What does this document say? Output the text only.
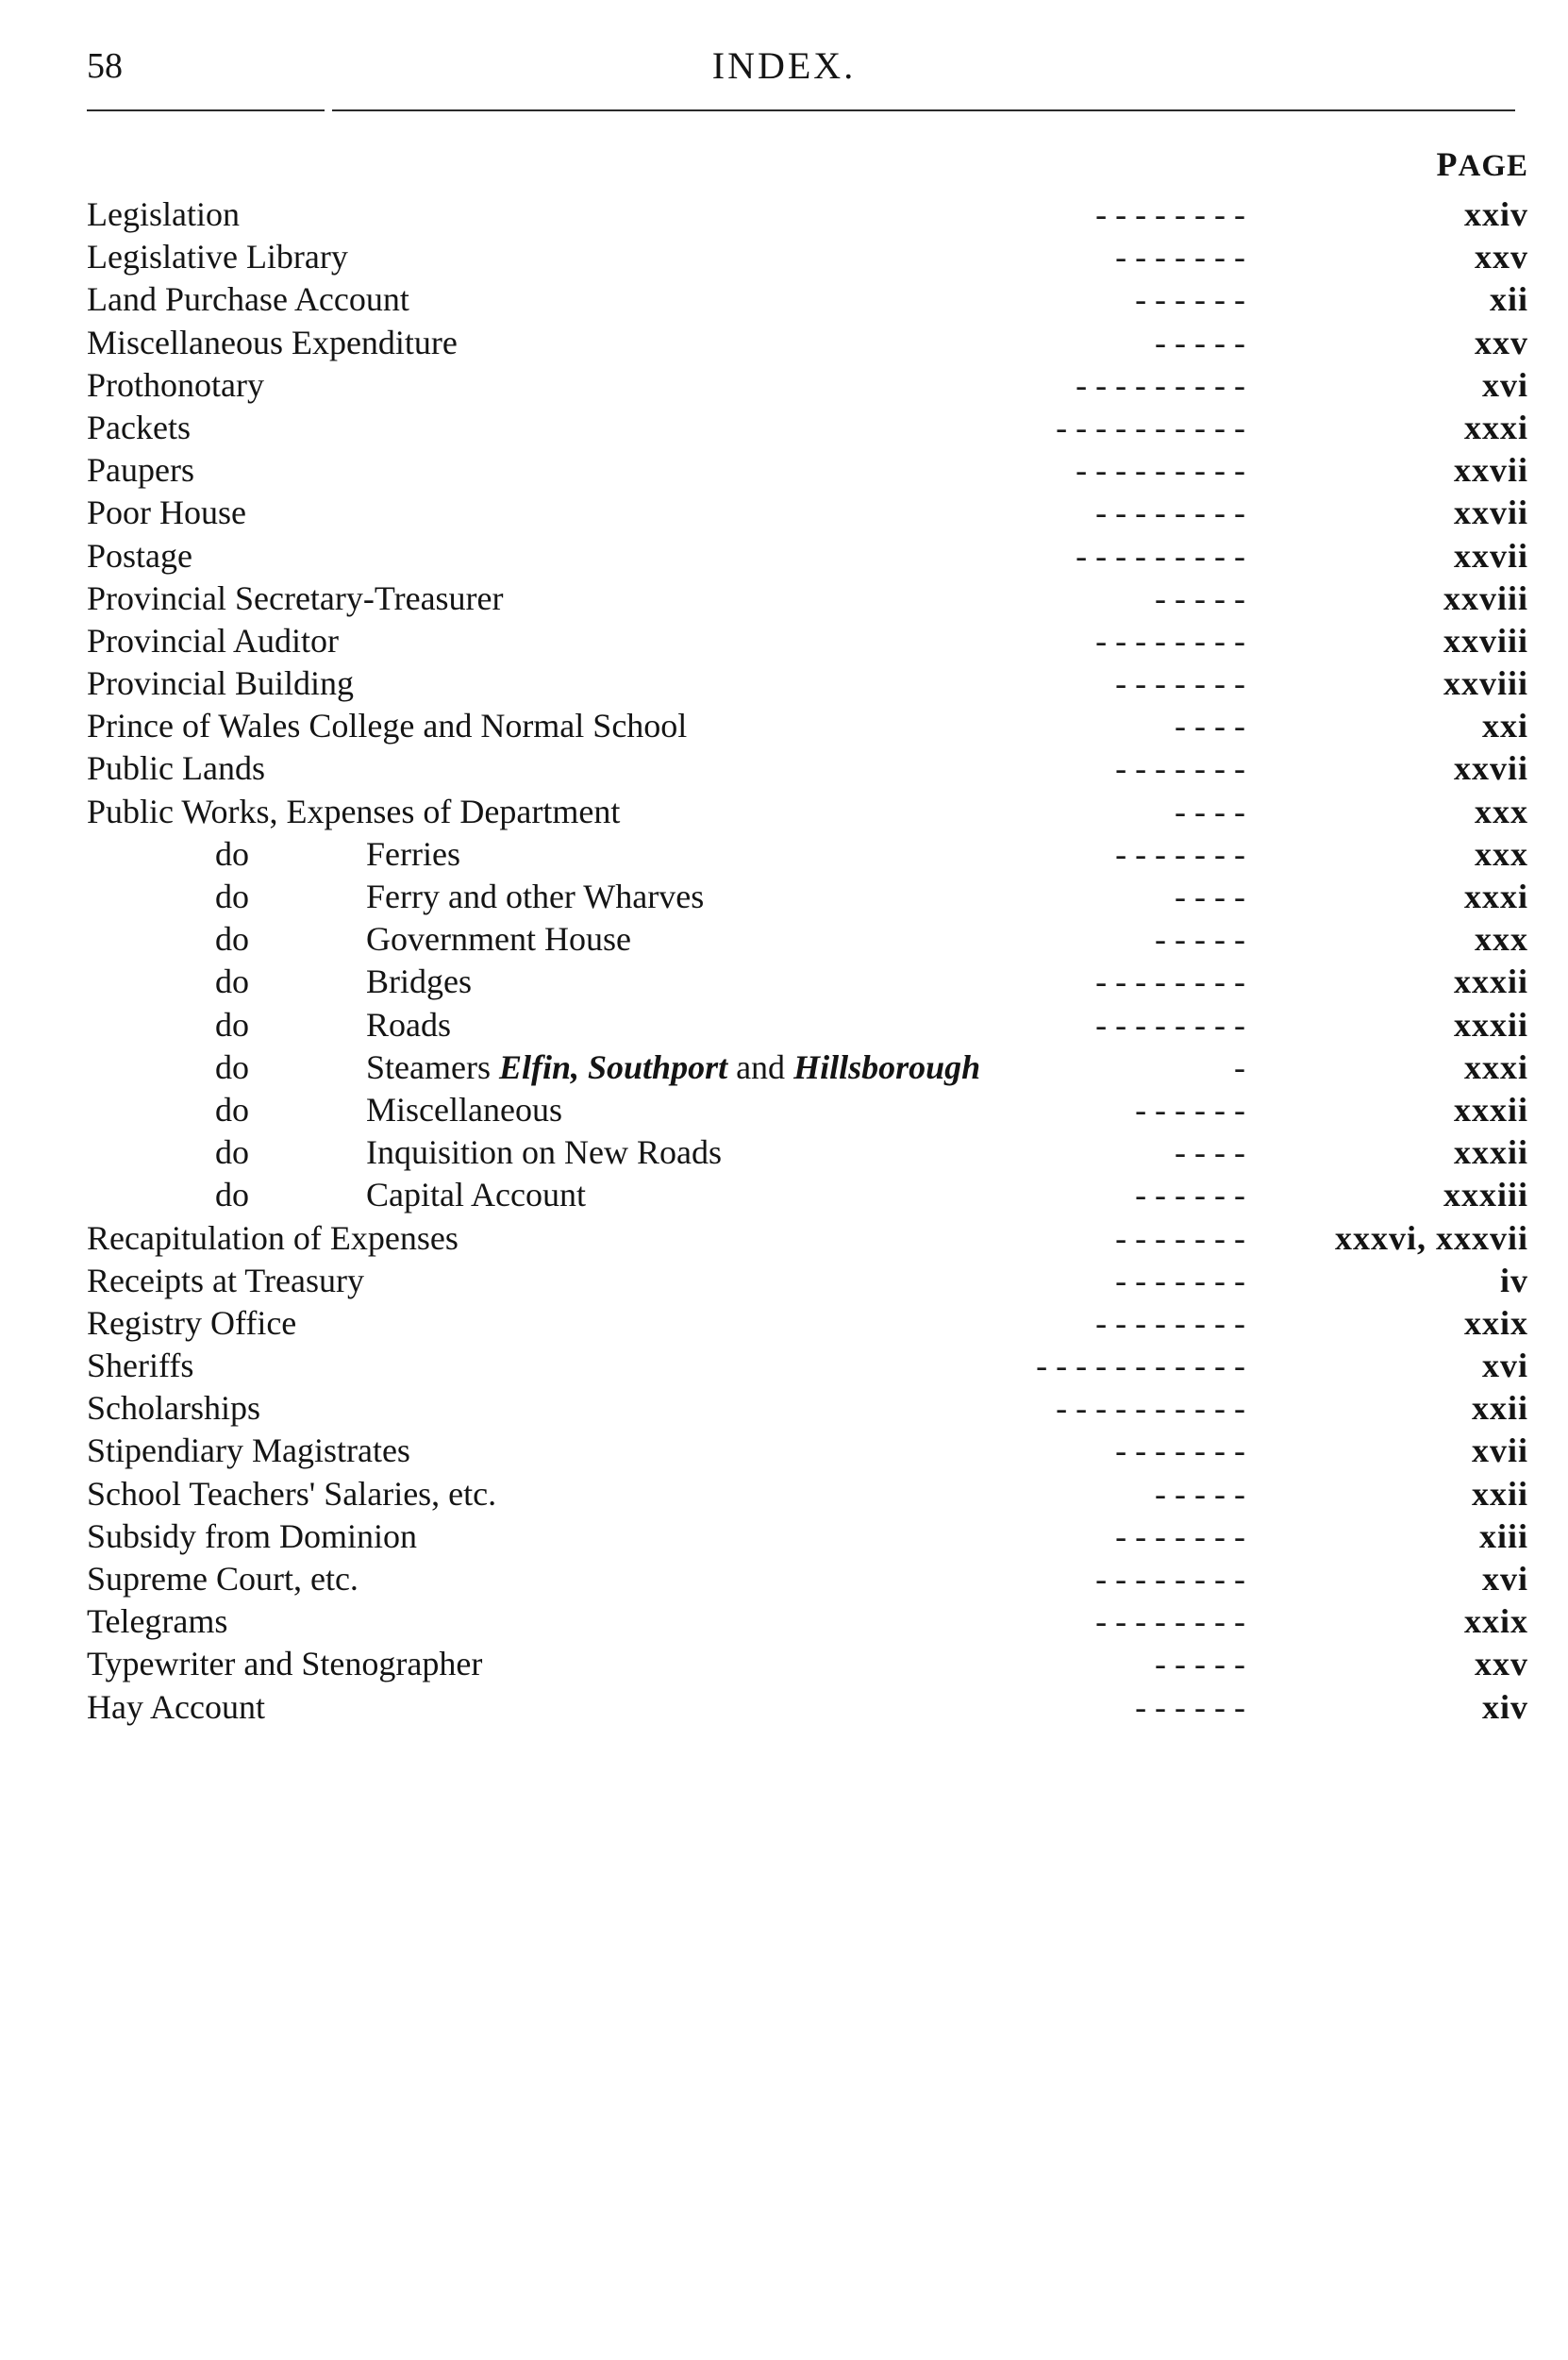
58	INDEX.
PAGE
Legislation	- - - - - - - -	xxiv
Legislative Library	- - - - - - -	xxv
Land Purchase Account	- - - - - -	xii
Miscellaneous Expenditure	- - - - -	xxv
Prothonotary	- - - - - - - - -	xvi
Packets	- - - - - - - - - -	xxxi
Paupers	- - - - - - - - -	xxvii
Poor House	- - - - - - - -	xxvii
Postage	- - - - - - - - -	xxvii
Provincial Secretary-Treasurer	- - - - -	xxviii
Provincial Auditor	- - - - - - - -	xxviii
Provincial Building	- - - - - - -	xxviii
Prince of Wales College and Normal School	- - - -	xxi
Public Lands	- - - - - - -	xxvii
Public Works, Expenses of Department	- - - -	xxx
do	Ferries	- - - - - - -	xxx
do	Ferry and other Wharves	- - - -	xxxi
do	Government House	- - - - -	xxx
do	Bridges	- - - - - - - -	xxxii
do	Roads	- - - - - - - -	xxxii
do	Steamers Elfin, Southport and Hillsborough	-	xxxi
do	Miscellaneous	- - - - - -	xxxii
do	Inquisition on New Roads	- - - -	xxxii
do	Capital Account	- - - - - -	xxxiii
Recapitulation of Expenses	- - - - - - -	xxxvi, xxxvii
Receipts at Treasury	- - - - - - -	iv
Registry Office	- - - - - - - -	xxix
Sheriffs	- - - - - - - - - - -	xvi
Scholarships	- - - - - - - - - -	xxii
Stipendiary Magistrates	- - - - - - -	xvii
School Teachers' Salaries, etc.	- - - - -	xxii
Subsidy from Dominion	- - - - - - -	xiii
Supreme Court, etc.	- - - - - - - -	xvi
Telegrams	- - - - - - - -	xxix
Typewriter and Stenographer	- - - - -	xxv
Hay Account	- - - - - -	xiv
